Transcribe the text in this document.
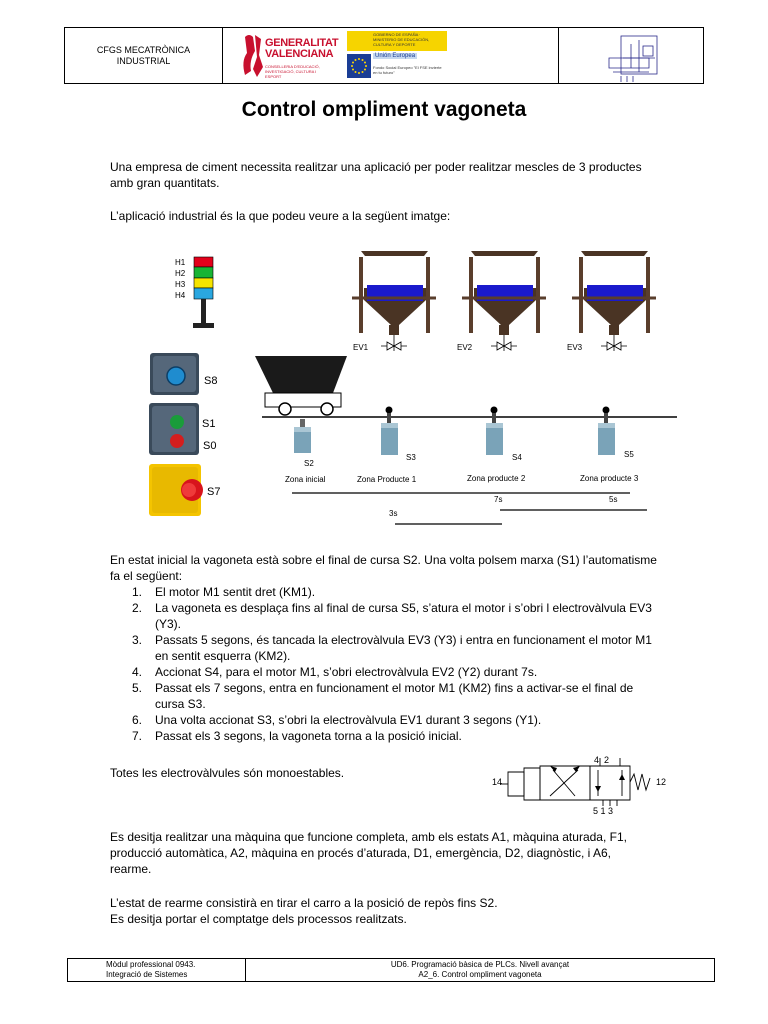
CFGS MECATRÒNICA
INDUSTRIAL
GENERALITAT
VALENCIANA
CONSELLERIA D'EDUCACIÓ, INVESTIGACIÓ, CULTURA I ESPORT
GOBIERNO DE ESPAÑA · MINISTERIO DE EDUCACIÓN, CULTURA Y DEPORTE
Unión Europea
Fondo Social Europeo "El FSE invierte en tu futuro"
Control ompliment vagoneta
Una empresa de ciment necessita realitzar una aplicació per poder realitzar mescles de 3 productes
amb gran quantitats.
L’aplicació industrial és la que podeu veure a la següent imatge:
H1
H2
H3
H4
S8
S1
S0
S7
EV1	EV2	EV3
S2
S3	S4	S5
Zona inicial	Zona Producte 1	Zona producte 2	Zona producte 3
7s	5s
3s
En estat inicial la vagoneta està sobre el final de cursa S2. Una volta polsem marxa (S1) l’automatisme
fa el següent:
1. El motor M1 sentit dret (KM1).
2. La vagoneta es desplaça fins al final de cursa S5, s’atura el motor i s’obri l electrovàlvula EV3
(Y3).
3. Passats 5 segons, és tancada la electrovàlvula EV3 (Y3) i entra en funcionament el motor M1
en sentit esquerra (KM2).
4. Accionat S4, para el motor M1, s’obri electrovàlvula EV2 (Y2) durant 7s.
5. Passat els 7 segons, entra en funcionament el motor M1 (KM2) fins a activar-se el final de
cursa S3.
6. Una volta accionat S3, s’obri la electrovàlvula EV1 durant 3 segons (Y1).
7. Passat els 3 segons, la vagoneta torna a la posició inicial.
Totes les electrovàlvules són monoestables.
4  2
14	12
5 1 3
Es desitja realitzar una màquina que funcione completa, amb els estats A1, màquina aturada, F1,
producció automàtica, A2, màquina en procés d’aturada, D1, emergència, D2, diagnòstic, i A6,
rearme.
L’estat de rearme consistirà en tirar el carro a la posició de repòs fins S2.
Es desitja portar el comptatge dels processos realitzats.
Mòdul professional 0943.
Integració de Sistemes
UD6. Programació bàsica de PLCs. Nivell avançat
A2_6. Control ompliment vagoneta
